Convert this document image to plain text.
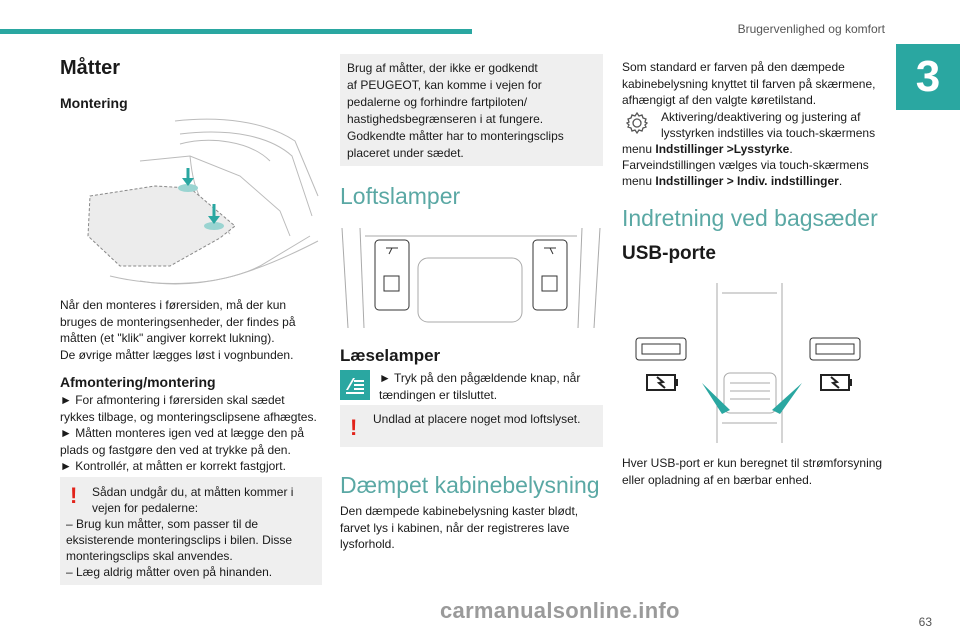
Brugervenlighed og komfort
3
Måtter
Montering
Når den monteres i førersiden, må der kun
bruges de monteringsenheder, der findes på
måtten (et "klik" angiver korrekt lukning).
De øvrige måtter lægges løst i vognbunden.
Afmontering/montering
► For afmontering i førersiden skal sædet
rykkes tilbage, og monteringsclipsene afhægtes.
► Måtten monteres igen ved at lægge den på
plads og fastgøre den ved at trykke på den.
► Kontrollér, at måtten er korrekt fastgjort.
! Sådan undgår du, at måtten kommer i
vejen for pedalerne:
– Brug kun måtter, som passer til de
eksisterende monteringsclips i bilen. Disse
monteringsclips skal anvendes.
– Læg aldrig måtter oven på hinanden.
Brug af måtter, der ikke er godkendt
af PEUGEOT, kan komme i vejen for
pedalerne og forhindre fartpiloten/
hastighedsbegrænseren i at fungere.
Godkendte måtter har to monteringsclips
placeret under sædet.
Loftslamper
Læselamper
► Tryk på den pågældende knap, når
tændingen er tilsluttet.
! Undlad at placere noget mod loftslyset.
Dæmpet kabinebelysning
Den dæmpede kabinebelysning kaster blødt,
farvet lys i kabinen, når der registreres lave
lysforhold.
Som standard er farven på den dæmpede
kabinebelysning knyttet til farven på skærmene,
afhængigt af den valgte køretilstand.
Aktivering/deaktivering og justering af
lysstyrken indstilles via touch-skærmens
menu Indstillinger >Lysstyrke.
Farveindstillingen vælges via touch-skærmens
menu Indstillinger > Indiv. indstillinger.
Indretning ved bagsæder
USB-porte
Hver USB-port er kun beregnet til strømforsyning
eller opladning af en bærbar enhed.
carmanualsonline.info	63
